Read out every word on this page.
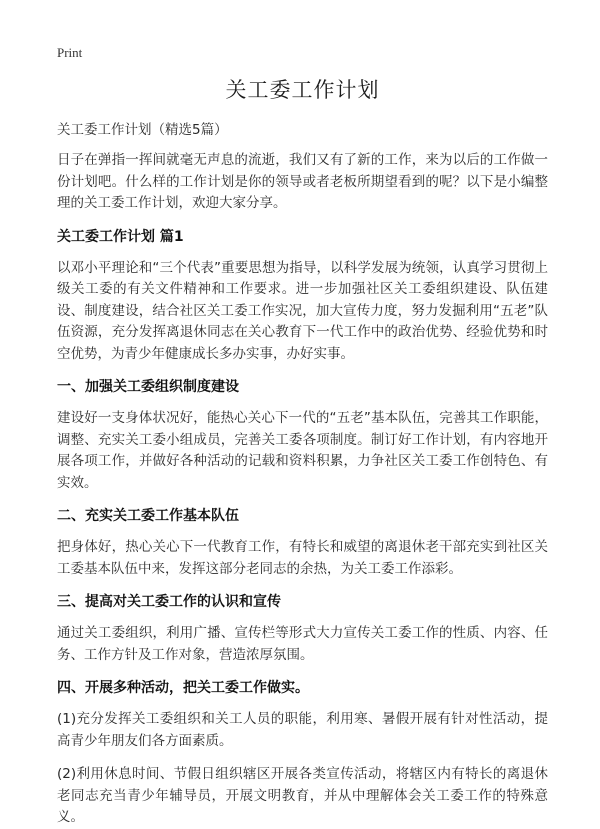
Print
关工委工作计划

关工委工作计划（精选5篇）

日子在弹指一挥间就毫无声息的流逝，我们又有了新的工作，来为以后的工作做一份计划吧。什么样的工作计划是你的领导或者老板所期望看到的呢？以下是小编整理的关工委工作计划，欢迎大家分享。

关工委工作计划 篇1

以邓小平理论和“三个代表”重要思想为指导，以科学发展为统领，认真学习贯彻上级关工委的有关文件精神和工作要求。进一步加强社区关工委组织建设、队伍建设、制度建设，结合社区关工委工作实况，加大宣传力度，努力发掘利用“五老”队伍资源，充分发挥离退休同志在关心教育下一代工作中的政治优势、经验优势和时空优势，为青少年健康成长多办实事，办好实事。

一、加强关工委组织制度建设

建设好一支身体状况好，能热心关心下一代的“五老”基本队伍，完善其工作职能，调整、充实关工委小组成员，完善关工委各项制度。制订好工作计划，有内容地开展各项工作，并做好各种活动的记载和资料积累，力争社区关工委工作创特色、有实效。

二、充实关工委工作基本队伍

把身体好，热心关心下一代教育工作，有特长和威望的离退休老干部充实到社区关工委基本队伍中来，发挥这部分老同志的余热，为关工委工作添彩。

三、提高对关工委工作的认识和宣传

通过关工委组织，利用广播、宣传栏等形式大力宣传关工委工作的性质、内容、任务、工作方针及工作对象，营造浓厚氛围。

四、开展多种活动，把关工委工作做实。

(1)充分发挥关工委组织和关工人员的职能，利用寒、暑假开展有针对性活动，提高青少年朋友们各方面素质。

(2)利用休息时间、节假日组织辖区开展各类宣传活动，将辖区内有特长的离退休老同志充当青少年辅导员，开展文明教育，并从中理解体会关工委工作的特殊意义。
